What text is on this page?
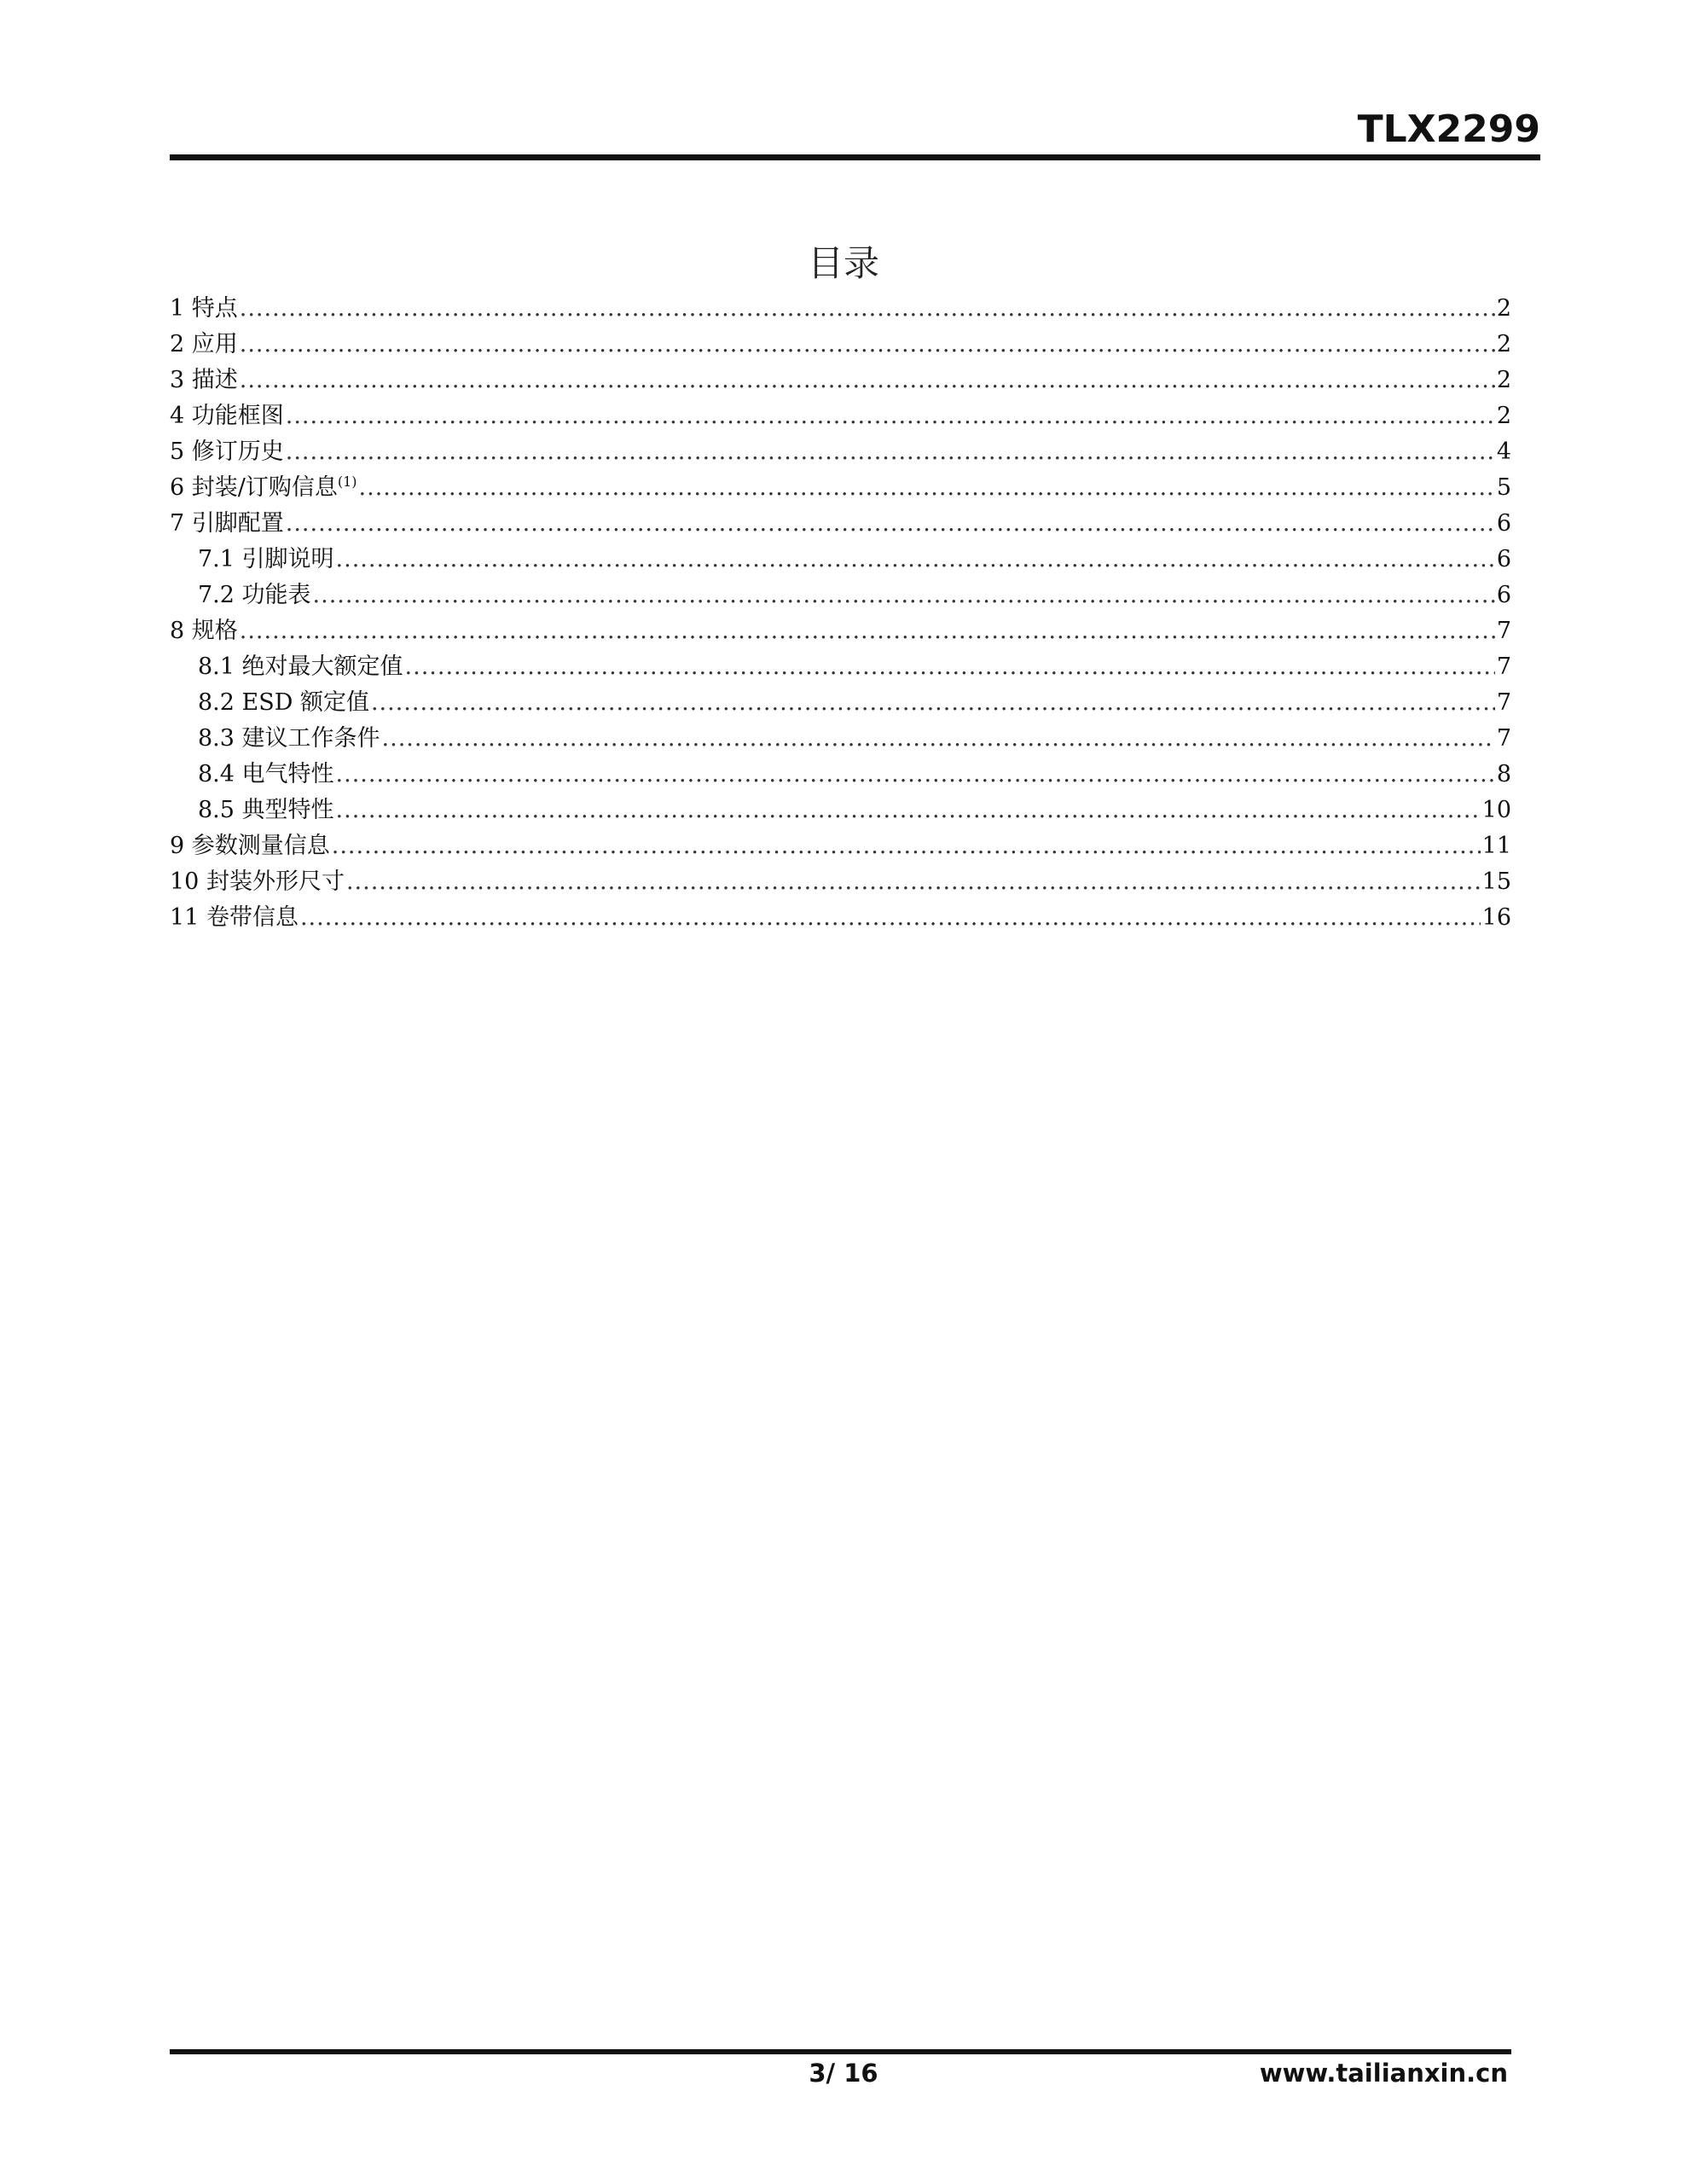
TLX2299
目录
1 特点 .....	2
2 应用 .....	2
3 描述 .....	2
4 功能框图 .....	2
5 修订历史 .....	4
6 封装/订购信息$^{(1)}$ .....	5
7 引脚配置 .....	6
7.1 引脚说明 .....	6
7.2 功能表 .....	6
8 规格 .....	7
8.1 绝对最大额定值 .....	7
8.2 ESD 额定值 .....	7
8.3 建议工作条件 .....	7
8.4 电气特性 .....	8
8.5 典型特性 .....	10
9 参数测量信息 .....	11
10 封装外形尺寸 .....	15
11 卷带信息 .....	16
3/ 16	www.tailianxin.cn
